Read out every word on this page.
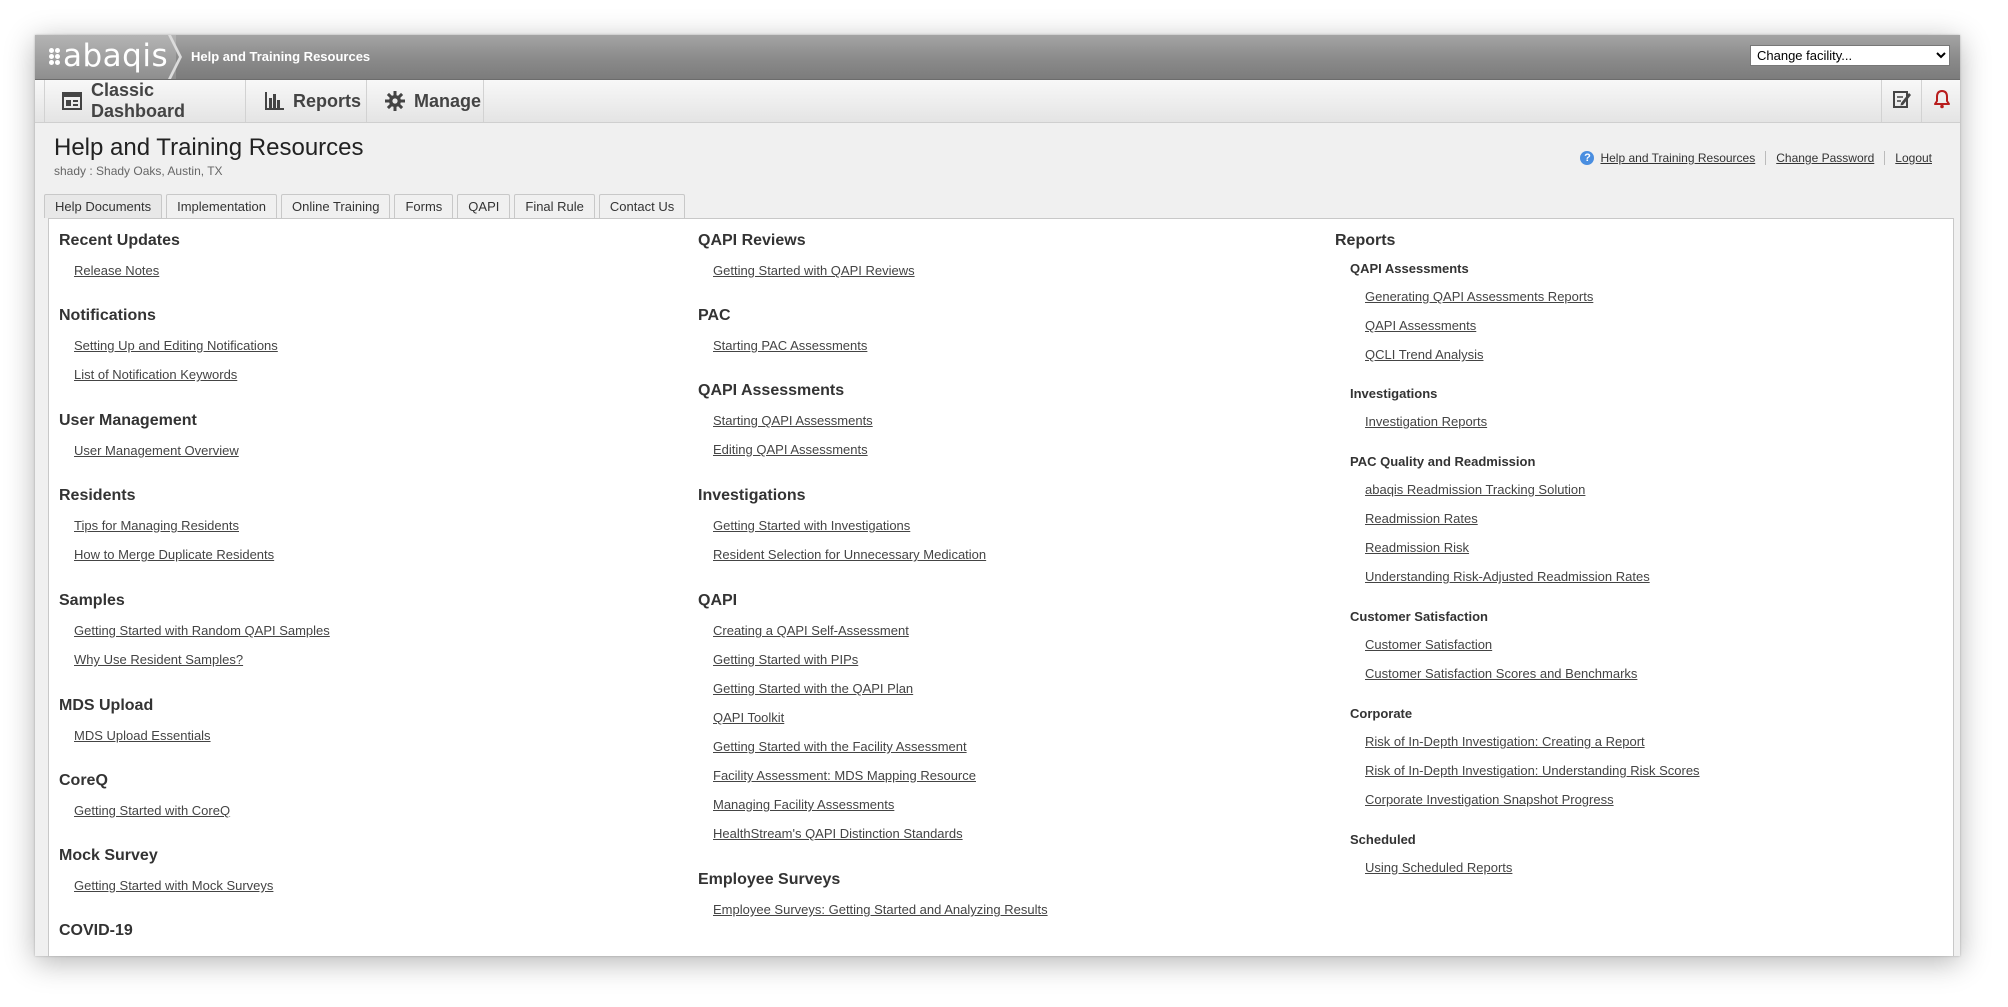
abaqis Help and Training Resources
Change facility...
Classic Dashboard
Reports	Manage
Help and Training Resources
shady : Shady Oaks, Austin, TX
? Help and Training Resources	Change Password	Logout
Help Documents	Implementation	Online Training	Forms	QAPI	Final Rule	Contact Us
Recent Updates
Release Notes
Notifications
Setting Up and Editing Notifications
List of Notification Keywords
User Management
User Management Overview
Residents
Tips for Managing Residents
How to Merge Duplicate Residents
Samples
Getting Started with Random QAPI Samples
Why Use Resident Samples?
MDS Upload
MDS Upload Essentials
CoreQ
Getting Started with CoreQ
Mock Survey
Getting Started with Mock Surveys
COVID-19
QAPI Reviews
Getting Started with QAPI Reviews
PAC
Starting PAC Assessments
QAPI Assessments
Starting QAPI Assessments
Editing QAPI Assessments
Investigations
Getting Started with Investigations
Resident Selection for Unnecessary Medication
QAPI
Creating a QAPI Self-Assessment
Getting Started with PIPs
Getting Started with the QAPI Plan
QAPI Toolkit
Getting Started with the Facility Assessment
Facility Assessment: MDS Mapping Resource
Managing Facility Assessments
HealthStream's QAPI Distinction Standards
Employee Surveys
Employee Surveys: Getting Started and Analyzing Results
Reports
QAPI Assessments
Generating QAPI Assessments Reports
QAPI Assessments
QCLI Trend Analysis
Investigations
Investigation Reports
PAC Quality and Readmission
abaqis Readmission Tracking Solution
Readmission Rates
Readmission Risk
Understanding Risk-Adjusted Readmission Rates
Customer Satisfaction
Customer Satisfaction
Customer Satisfaction Scores and Benchmarks
Corporate
Risk of In-Depth Investigation: Creating a Report
Risk of In-Depth Investigation: Understanding Risk Scores
Corporate Investigation Snapshot Progress
Scheduled
Using Scheduled Reports
